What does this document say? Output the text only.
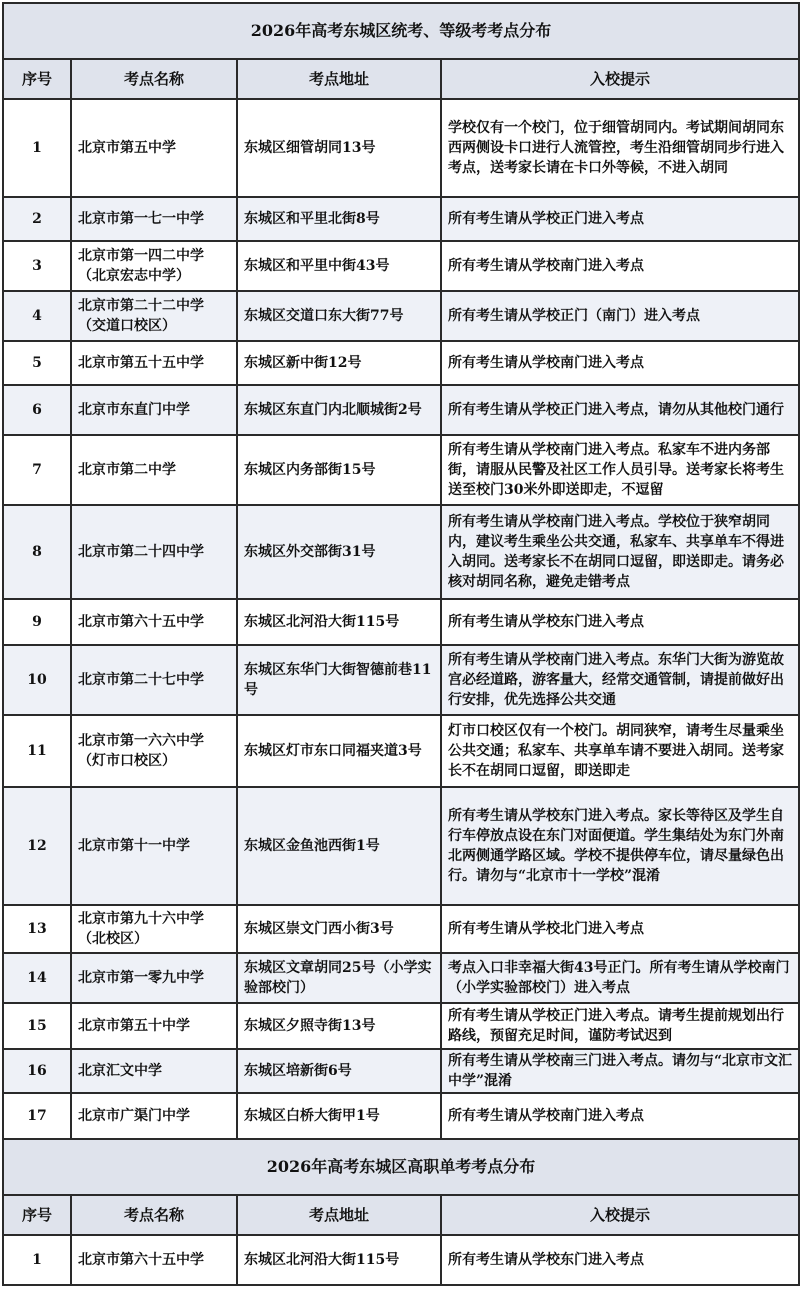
2026年高考东城区统考、等级考考点分布			
序号	考点名称	考点地址	入校提示
1	北京市第五中学	东城区细管胡同13号	学校仅有一个校门，位于细管胡同内。考试期间胡同东西两侧设卡口进行人流管控，考生沿细管胡同步行进入考点，送考家长请在卡口外等候，不进入胡同
2	北京市第一七一中学	东城区和平里北街8号	所有考生请从学校正门进入考点
3	北京市第一四二中学（北京宏志中学）	东城区和平里中街43号	所有考生请从学校南门进入考点
4	北京市第二十二中学（交道口校区）	东城区交道口东大街77号	所有考生请从学校正门（南门）进入考点
5	北京市第五十五中学	东城区新中街12号	所有考生请从学校南门进入考点
6	北京市东直门中学	东城区东直门内北顺城街2号	所有考生请从学校正门进入考点，请勿从其他校门通行
7	北京市第二中学	东城区内务部街15号	所有考生请从学校南门进入考点。私家车不进内务部街，请服从民警及社区工作人员引导。送考家长将考生送至校门30米外即送即走，不逗留
8	北京市第二十四中学	东城区外交部街31号	所有考生请从学校南门进入考点。学校位于狭窄胡同内，建议考生乘坐公共交通，私家车、共享单车不得进入胡同。送考家长不在胡同口逗留，即送即走。请务必核对胡同名称，避免走错考点
9	北京市第六十五中学	东城区北河沿大街115号	所有考生请从学校东门进入考点
10	北京市第二十七中学	东城区东华门大街智德前巷11号	所有考生请从学校南门进入考点。东华门大街为游览故宫必经道路，游客量大，经常交通管制，请提前做好出行安排，优先选择公共交通
11	北京市第一六六中学（灯市口校区）	东城区灯市东口同福夹道3号	灯市口校区仅有一个校门。胡同狭窄，请考生尽量乘坐公共交通；私家车、共享单车请不要进入胡同。送考家长不在胡同口逗留，即送即走
12	北京市第十一中学	东城区金鱼池西街1号	所有考生请从学校东门进入考点。家长等待区及学生自行车停放点设在东门对面便道。学生集结处为东门外南北两侧通学路区域。学校不提供停车位，请尽量绿色出行。请勿与“北京市十一学校”混淆
13	北京市第九十六中学（北校区）	东城区崇文门西小街3号	所有考生请从学校北门进入考点
14	北京市第一零九中学	东城区文章胡同25号（小学实验部校门）	考点入口非幸福大街43号正门。所有考生请从学校南门（小学实验部校门）进入考点
15	北京市第五十中学	东城区夕照寺街13号	所有考生请从学校正门进入考点。请考生提前规划出行路线，预留充足时间，谨防考试迟到
16	北京汇文中学	东城区培新街6号	所有考生请从学校南三门进入考点。请勿与“北京市文汇中学”混淆
17	北京市广渠门中学	东城区白桥大街甲1号	所有考生请从学校南门进入考点
2026年高考东城区高职单考考点分布			
序号	考点名称	考点地址	入校提示
1	北京市第六十五中学	东城区北河沿大街115号	所有考生请从学校东门进入考点
